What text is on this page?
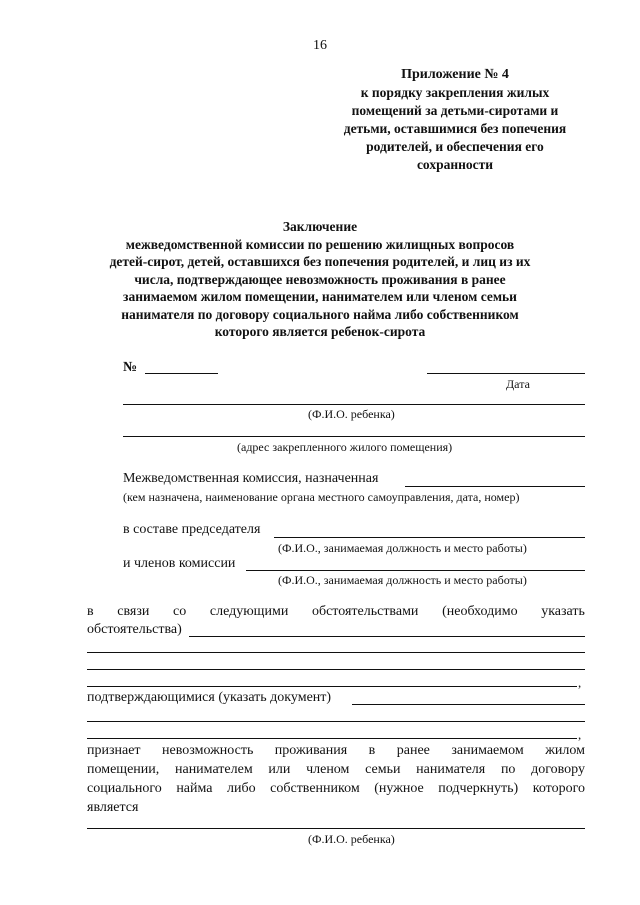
16
Приложение № 4
к порядку закрепления жилых
помещений за детьми-сиротами и
детьми, оставшимися без попечения
родителей, и обеспечения его
сохранности
Заключение
межведомственной комиссии по решению жилищных вопросов
детей-сирот, детей, оставшихся без попечения родителей, и лиц из их
числа, подтверждающее невозможность проживания в ранее
занимаемом жилом помещении, нанимателем или членом семьи
нанимателя по договору социального найма либо собственником
которого является ребенок-сирота
№
Дата
(Ф.И.О. ребенка)
(адрес закрепленного жилого помещения)
Межведомственная комиссия, назначенная
(кем назначена, наименование органа местного самоуправления, дата, номер)
в составе председателя
(Ф.И.О., занимаемая должность и место работы)
и членов комиссии
(Ф.И.О., занимаемая должность и место работы)
в связи со следующими обстоятельствами (необходимо указать
обстоятельства)
,
подтверждающимися (указать документ)
,
признает невозможность проживания в ранее занимаемом жилом
помещении, нанимателем или членом семьи нанимателя по договору
социального найма либо собственником (нужное подчеркнуть) которого
является
(Ф.И.О. ребенка)
